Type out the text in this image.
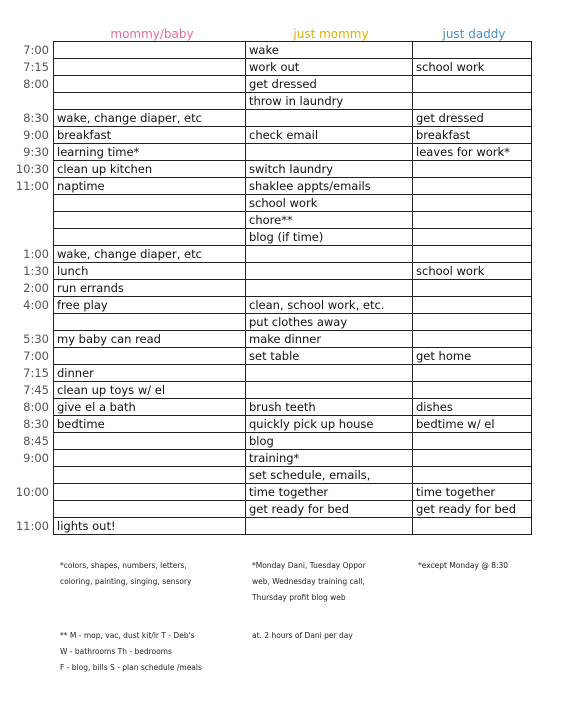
mommy/baby	just mommy	just daddy
7:00		wake	
7:15		work out	school work
8:00		get dressed	
		throw in laundry	
8:30	wake, change diaper, etc		get dressed
9:00	breakfast	check email	breakfast
9:30	learning time*		leaves for work*
10:30	clean up kitchen	switch laundry	
11:00	naptime	shaklee appts/emails	
		school work	
		chore**	
		blog (if time)	
1:00	wake, change diaper, etc		
1:30	lunch		school work
2:00	run errands		
4:00	free play	clean, school work, etc.	
		put clothes away	
5:30	my baby can read	make dinner	
7:00		set table	get home
7:15	dinner		
7:45	clean up toys w/ el		
8:00	give el a bath	brush teeth	dishes
8:30	bedtime	quickly pick up house	bedtime w/ el
8:45		blog	
9:00		training*	
		set schedule, emails,	
10:00		time together	time together
		get ready for bed	get ready for bed
11:00	lights out!		
*colors, shapes, numbers, letters,
coloring, painting, singing, sensory
*Monday Dani, Tuesday Oppor
web, Wednesday training call,
Thursday profit blog web
*except Monday @ 8:30
** M - mop, vac, dust kit/lr T - Deb's
W - bathrooms Th - bedrooms
F - blog, bills S - plan schedule /meals
at. 2 hours of Dani per day
